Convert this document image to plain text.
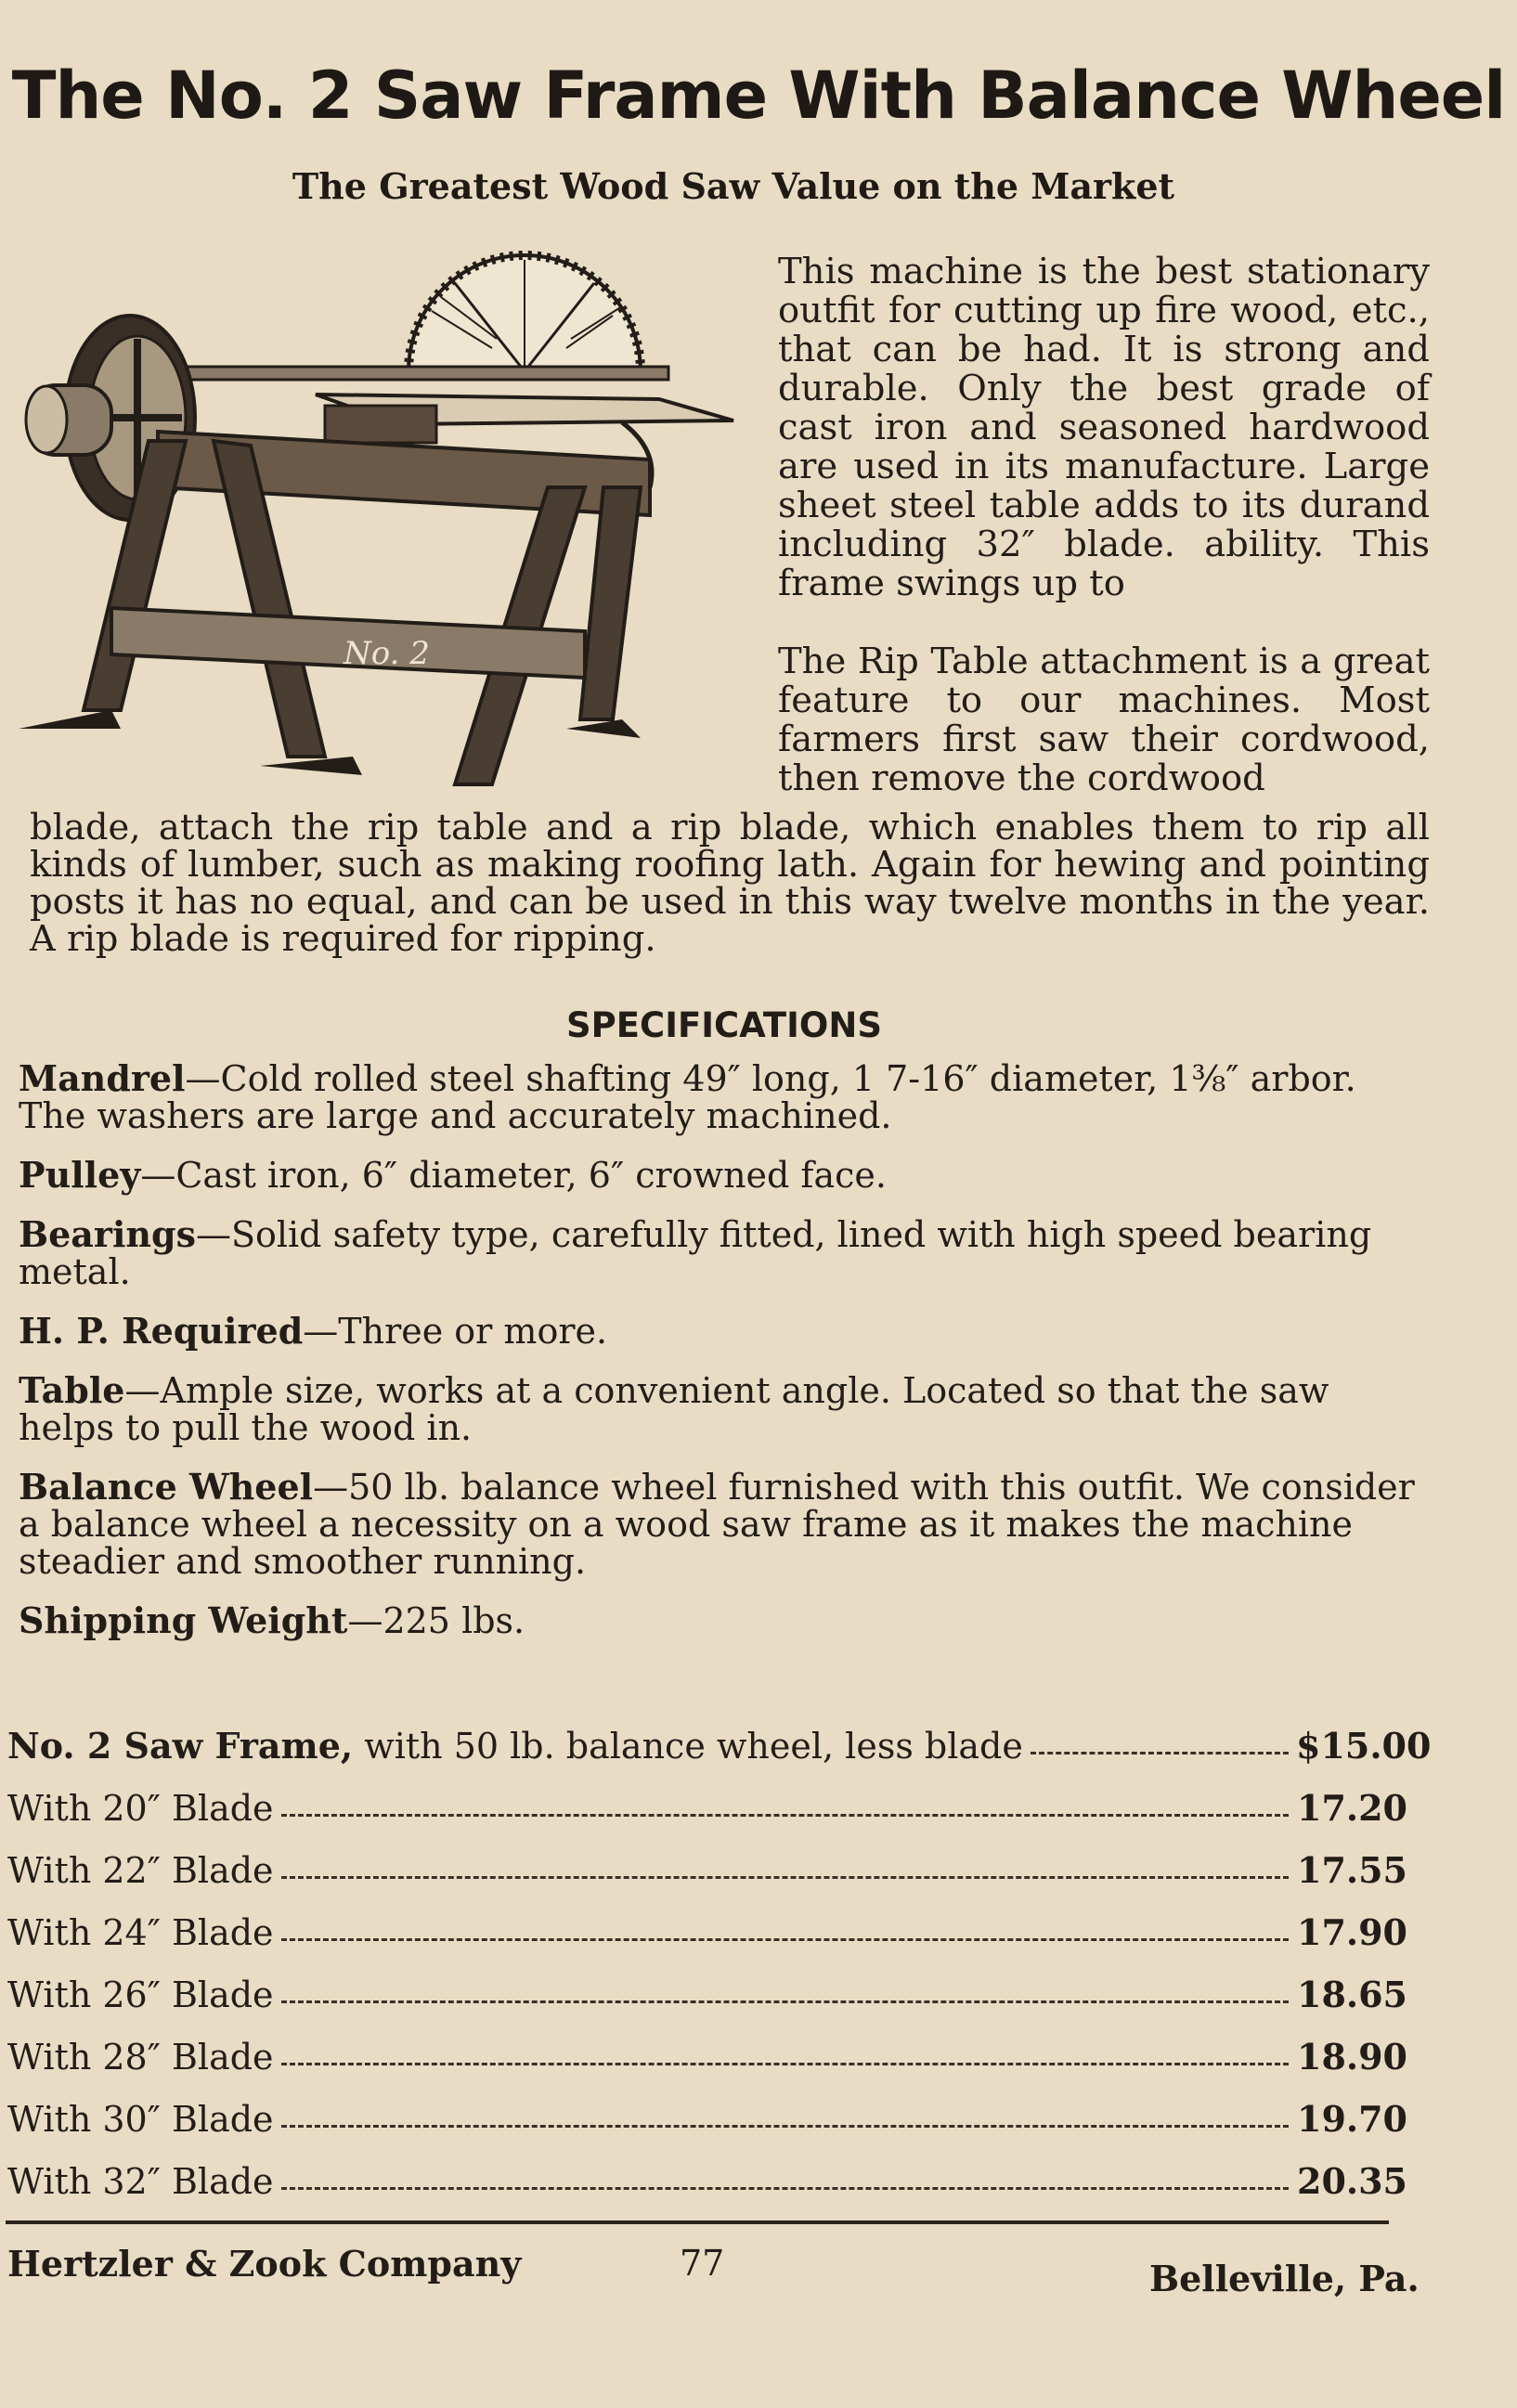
The No. 2 Saw Frame With Balance Wheel
The Greatest Wood Saw Value on the Market
No. 2

This machine is the best stationary outfit for cutting up fire wood, etc., that can be had. It is strong and durable. Only the best grade of cast iron and seasoned hardwood are used in its manufacture. Large sheet steel table adds to its durand including 32″ blade. ability. This frame swings up to

The Rip Table attachment is a great feature to our machines. Most farmers first saw their cordwood, then remove the cordwood

blade, attach the rip table and a rip blade, which enables them to rip all kinds of lumber, such as making roofing lath. Again for hewing and pointing posts it has no equal, and can be used in this way twelve months in the year. A rip blade is required for ripping.
SPECIFICATIONS
Mandrel—Cold rolled steel shafting 49″ long, 1 7-16″ diameter, 1⅜″ arbor. The washers are large and accurately machined.
Pulley—Cast iron, 6″ diameter, 6″ crowned face.
Bearings—Solid safety type, carefully fitted, lined with high speed bearing metal.
H. P. Required—Three or more.
Table—Ample size, works at a convenient angle. Located so that the saw helps to pull the wood in.
Balance Wheel—50 lb. balance wheel furnished with this outfit. We consider a balance wheel a necessity on a wood saw frame as it makes the machine steadier and smoother running.
Shipping Weight—225 lbs.
No. 2 Saw Frame, with 50 lb. balance wheel, less blade	$15.00
With 20″ Blade	17.20
With 22″ Blade	17.55
With 24″ Blade	17.90
With 26″ Blade	18.65
With 28″ Blade	18.90
With 30″ Blade	19.70
With 32″ Blade	20.35
Hertzler & Zook Company	77	Belleville, Pa.
